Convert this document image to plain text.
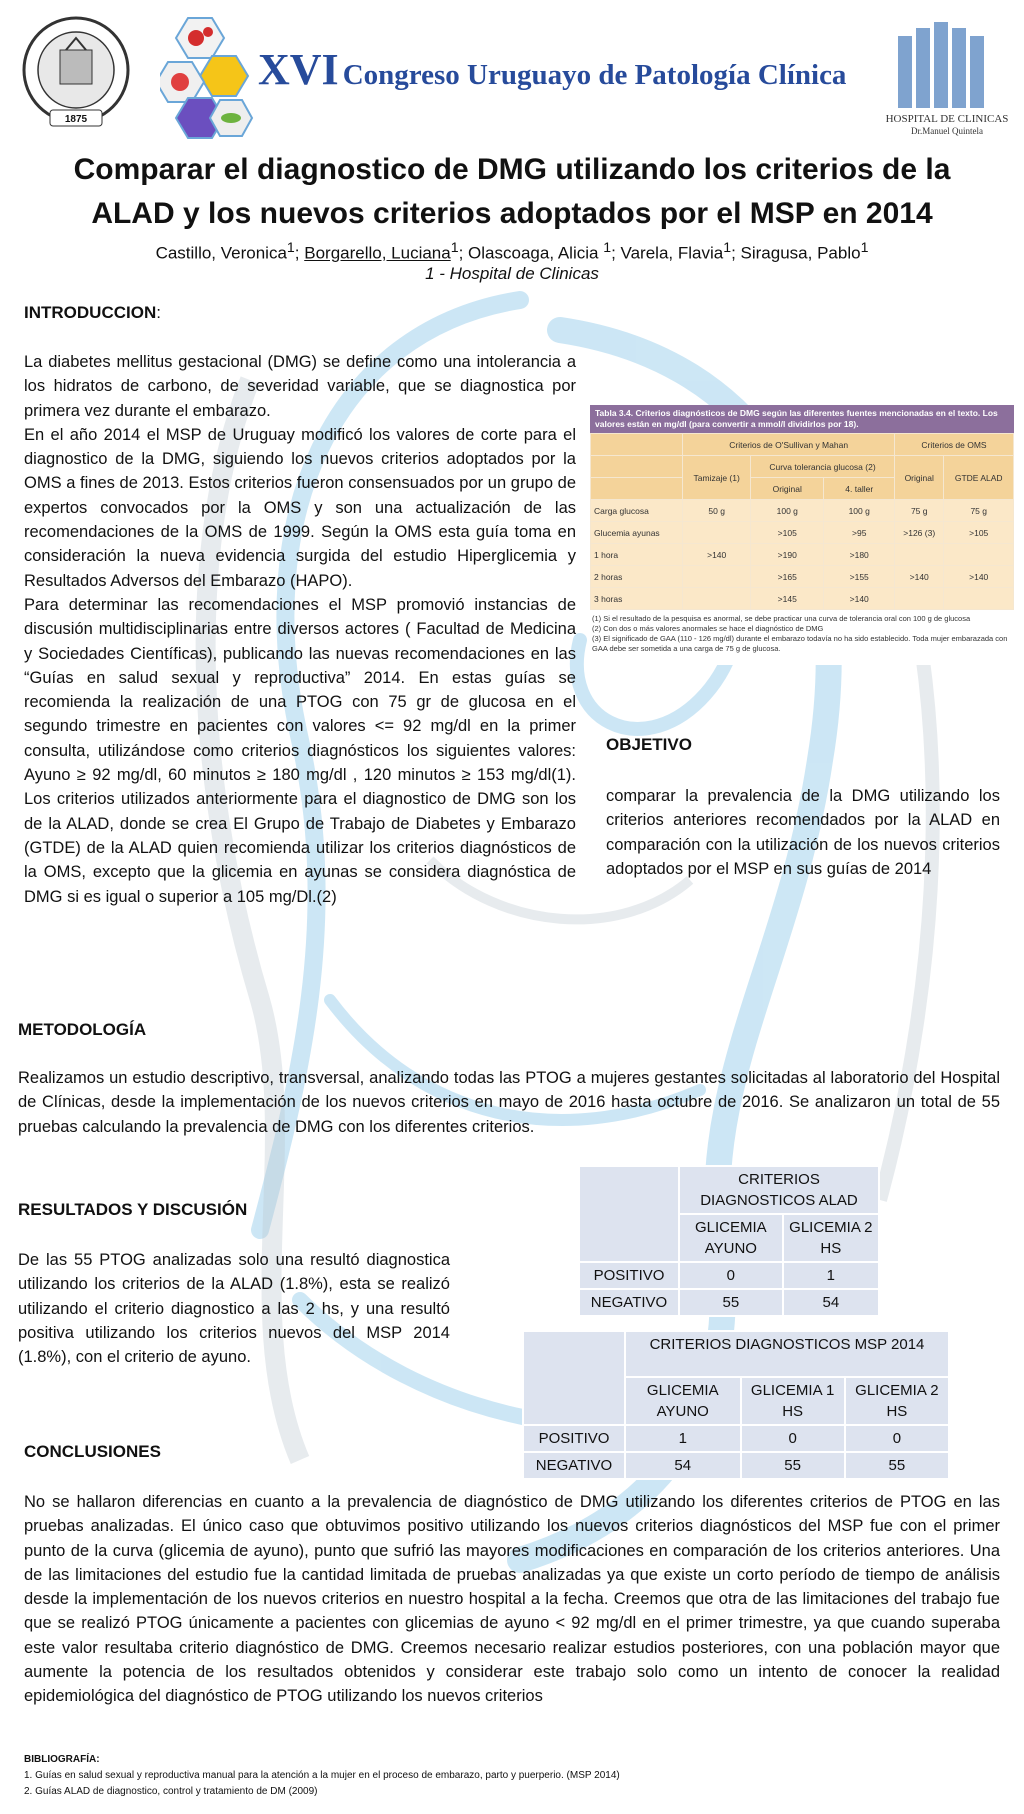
1875
XVI Congreso Uruguayo de Patología Clínica
HOSPITAL DE CLINICAS
Dr.Manuel Quintela
Comparar el diagnostico de DMG utilizando los criterios de la
ALAD y los nuevos criterios adoptados por el MSP en 2014
Castillo, Veronica$^1$; Borgarello, Luciana$^1$; Olascoaga, Alicia $^1$; Varela, Flavia$^1$; Siragusa, Pablo$^1$
1 - Hospital de Clinicas
INTRODUCCION:

La diabetes mellitus gestacional (DMG) se define como una intolerancia a los hidratos de carbono, de severidad variable, que se diagnostica por primera vez durante el embarazo.

En el año 2014 el MSP de Uruguay modificó los valores de corte para el diagnostico de la DMG, siguiendo los nuevos criterios adoptados por la OMS a fines de 2013. Estos criterios fueron consensuados por un grupo de expertos convocados por la OMS y son una actualización de las recomendaciones de la OMS de 1999. Según la OMS esta guía toma en consideración la nueva evidencia surgida del estudio Hiperglicemia y Resultados Adversos del Embarazo (HAPO).

Para determinar las recomendaciones el MSP promovió instancias de discusión multidisciplinarias entre diversos actores ( Facultad de Medicina y Sociedades Científicas), publicando las nuevas recomendaciones en las “Guías en salud sexual y reproductiva” 2014. En estas guías se recomienda la realización de una PTOG con 75 gr de glucosa en el segundo trimestre en pacientes con valores <= 92 mg/dl en la primer consulta, utilizándose como criterios diagnósticos los siguientes valores: Ayuno ≥ 92 mg/dl, 60 minutos ≥ 180 mg/dl , 120 minutos ≥ 153 mg/dl(1). Los criterios utilizados anteriormente para el diagnostico de DMG son los de la ALAD, donde se crea El Grupo de Trabajo de Diabetes y Embarazo (GTDE) de la ALAD quien recomienda utilizar los criterios diagnósticos de la OMS, excepto que la glicemia en ayunas se considera diagnóstica de DMG si es igual o superior a 105 mg/Dl.(2)

Tabla 3.4. Criterios diagnósticos de DMG según las diferentes fuentes mencionadas en el texto. Los valores están en mg/dl (para convertir a mmol/l dividirlos por 18).
	Criterios de O'Sullivan y Mahan			Criterios de OMS	
	Tamizaje (1)	Curva tolerancia glucosa (2)		Original	GTDE ALAD
		Original	4. taller		
Carga glucosa	50 g	100 g	100 g	75 g	75 g
Glucemia ayunas		>105	>95	>126 (3)	>105
1 hora	>140	>190	>180		
2 horas		>165	>155	>140	>140
3 horas		>145	>140		
(1) Si el resultado de la pesquisa es anormal, se debe practicar una curva de tolerancia oral con 100 g de glucosa
(2) Con dos o más valores anormales se hace el diagnóstico de DMG
(3) El significado de GAA (110 - 126 mg/dl) durante el embarazo todavía no ha sido establecido. Toda mujer embarazada con GAA debe ser sometida a una carga de 75 g de glucosa.
OBJETIVO
comparar la prevalencia de la DMG utilizando los criterios anteriores recomendados por la ALAD en comparación con la utilización de los nuevos criterios adoptados por el MSP en sus guías de 2014
METODOLOGÍA
Realizamos un estudio descriptivo, transversal, analizando todas las PTOG a mujeres gestantes solicitadas al laboratorio del Hospital de Clínicas, desde la implementación de los nuevos criterios en mayo de 2016 hasta octubre de 2016. Se analizaron un total de 55 pruebas calculando la prevalencia de DMG con los diferentes criterios.
RESULTADOS Y DISCUSIÓN
De las 55 PTOG analizadas solo una resultó diagnostica utilizando los criterios de la ALAD (1.8%), esta se realizó utilizando el criterio diagnostico a las 2 hs, y una resultó positiva utilizando los criterios nuevos del MSP 2014 (1.8%), con el criterio de ayuno.
	CRITERIOS DIAGNOSTICOS ALAD	
	GLICEMIA AYUNO	GLICEMIA 2 HS
POSITIVO	0	1
NEGATIVO	55	54
	CRITERIOS DIAGNOSTICOS MSP 2014		
	GLICEMIA AYUNO	GLICEMIA 1 HS	GLICEMIA 2 HS
POSITIVO	1	0	0
NEGATIVO	54	55	55
CONCLUSIONES
No se hallaron diferencias en cuanto a la prevalencia de diagnóstico de DMG utilizando los diferentes criterios de PTOG en las pruebas analizadas. El único caso que obtuvimos positivo utilizando los nuevos criterios diagnósticos del MSP fue con el primer punto de la curva (glicemia de ayuno), punto que sufrió las mayores modificaciones en comparación de los criterios anteriores. Una de las limitaciones del estudio fue la cantidad limitada de pruebas analizadas ya que existe un corto período de tiempo de análisis desde la implementación de los nuevos criterios en nuestro hospital a la fecha. Creemos que otra de las limitaciones del trabajo fue que se realizó PTOG únicamente a pacientes con glicemias de ayuno < 92 mg/dl en el primer trimestre, ya que cuando superaba este valor resultaba criterio diagnóstico de DMG. Creemos necesario realizar estudios posteriores, con una población mayor que aumente la potencia de los resultados obtenidos y considerar este trabajo solo como un intento de conocer la realidad epidemiológica del diagnóstico de PTOG utilizando los nuevos criterios
BIBLIOGRAFÍA:
1. Guías en salud sexual y reproductiva manual para la atención a la mujer en el proceso de embarazo, parto y puerperio. (MSP 2014)
2. Guías ALAD de diagnostico, control y tratamiento de DM (2009)
